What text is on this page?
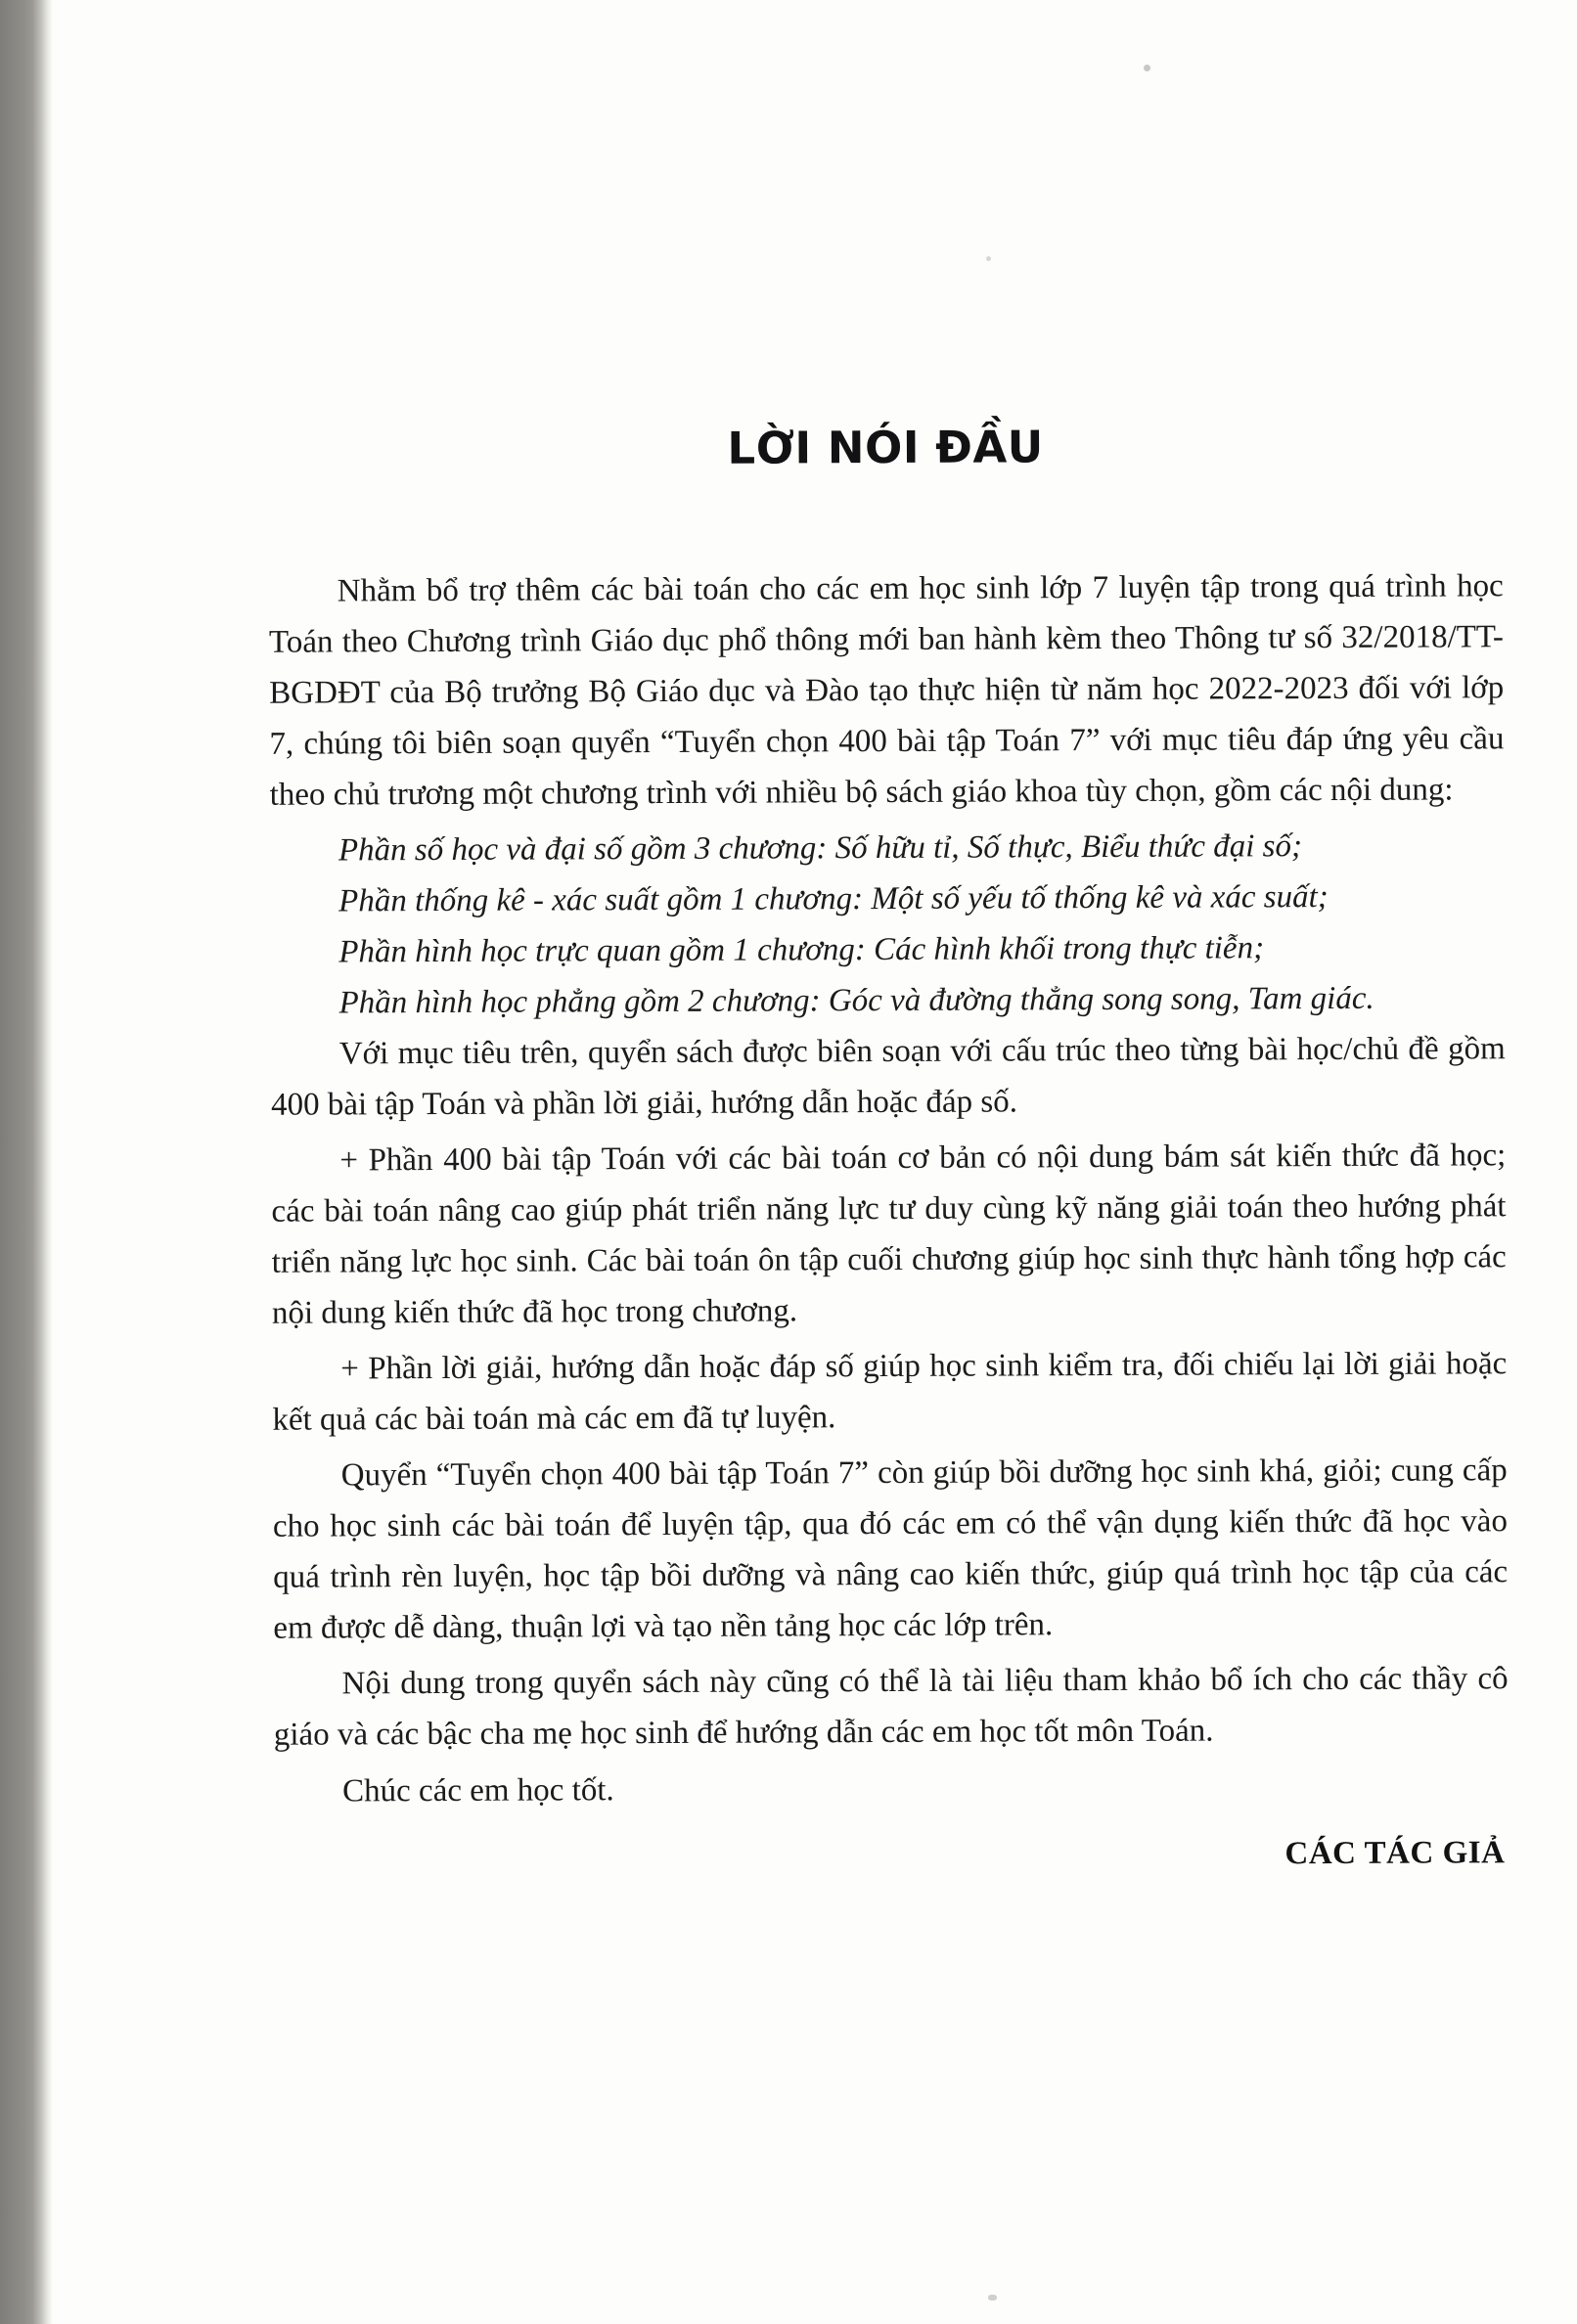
LỜI NÓI ĐẦU

Nhằm bổ trợ thêm các bài toán cho các em học sinh lớp 7 luyện tập trong quá trình học Toán theo Chương trình Giáo dục phổ thông mới ban hành kèm theo Thông tư số 32/2018/TT-BGDĐT của Bộ trưởng Bộ Giáo dục và Đào tạo thực hiện từ năm học 2022-2023 đối với lớp 7, chúng tôi biên soạn quyển “Tuyển chọn 400 bài tập Toán 7” với mục tiêu đáp ứng yêu cầu theo chủ trương một chương trình với nhiều bộ sách giáo khoa tùy chọn, gồm các nội dung:

Phần số học và đại số gồm 3 chương: Số hữu tỉ, Số thực, Biểu thức đại số;

Phần thống kê - xác suất gồm 1 chương: Một số yếu tố thống kê và xác suất;

Phần hình học trực quan gồm 1 chương: Các hình khối trong thực tiễn;

Phần hình học phẳng gồm 2 chương: Góc và đường thẳng song song, Tam giác.

Với mục tiêu trên, quyển sách được biên soạn với cấu trúc theo từng bài học/chủ đề gồm 400 bài tập Toán và phần lời giải, hướng dẫn hoặc đáp số.

+ Phần 400 bài tập Toán với các bài toán cơ bản có nội dung bám sát kiến thức đã học; các bài toán nâng cao giúp phát triển năng lực tư duy cùng kỹ năng giải toán theo hướng phát triển năng lực học sinh. Các bài toán ôn tập cuối chương giúp học sinh thực hành tổng hợp các nội dung kiến thức đã học trong chương.

+ Phần lời giải, hướng dẫn hoặc đáp số giúp học sinh kiểm tra, đối chiếu lại lời giải hoặc kết quả các bài toán mà các em đã tự luyện.

Quyển “Tuyển chọn 400 bài tập Toán 7” còn giúp bồi dưỡng học sinh khá, giỏi; cung cấp cho học sinh các bài toán để luyện tập, qua đó các em có thể vận dụng kiến thức đã học vào quá trình rèn luyện, học tập bồi dưỡng và nâng cao kiến thức, giúp quá trình học tập của các em được dễ dàng, thuận lợi và tạo nền tảng học các lớp trên.

Nội dung trong quyển sách này cũng có thể là tài liệu tham khảo bổ ích cho các thầy cô giáo và các bậc cha mẹ học sinh để hướng dẫn các em học tốt môn Toán.

Chúc các em học tốt.

CÁC TÁC GIẢ
